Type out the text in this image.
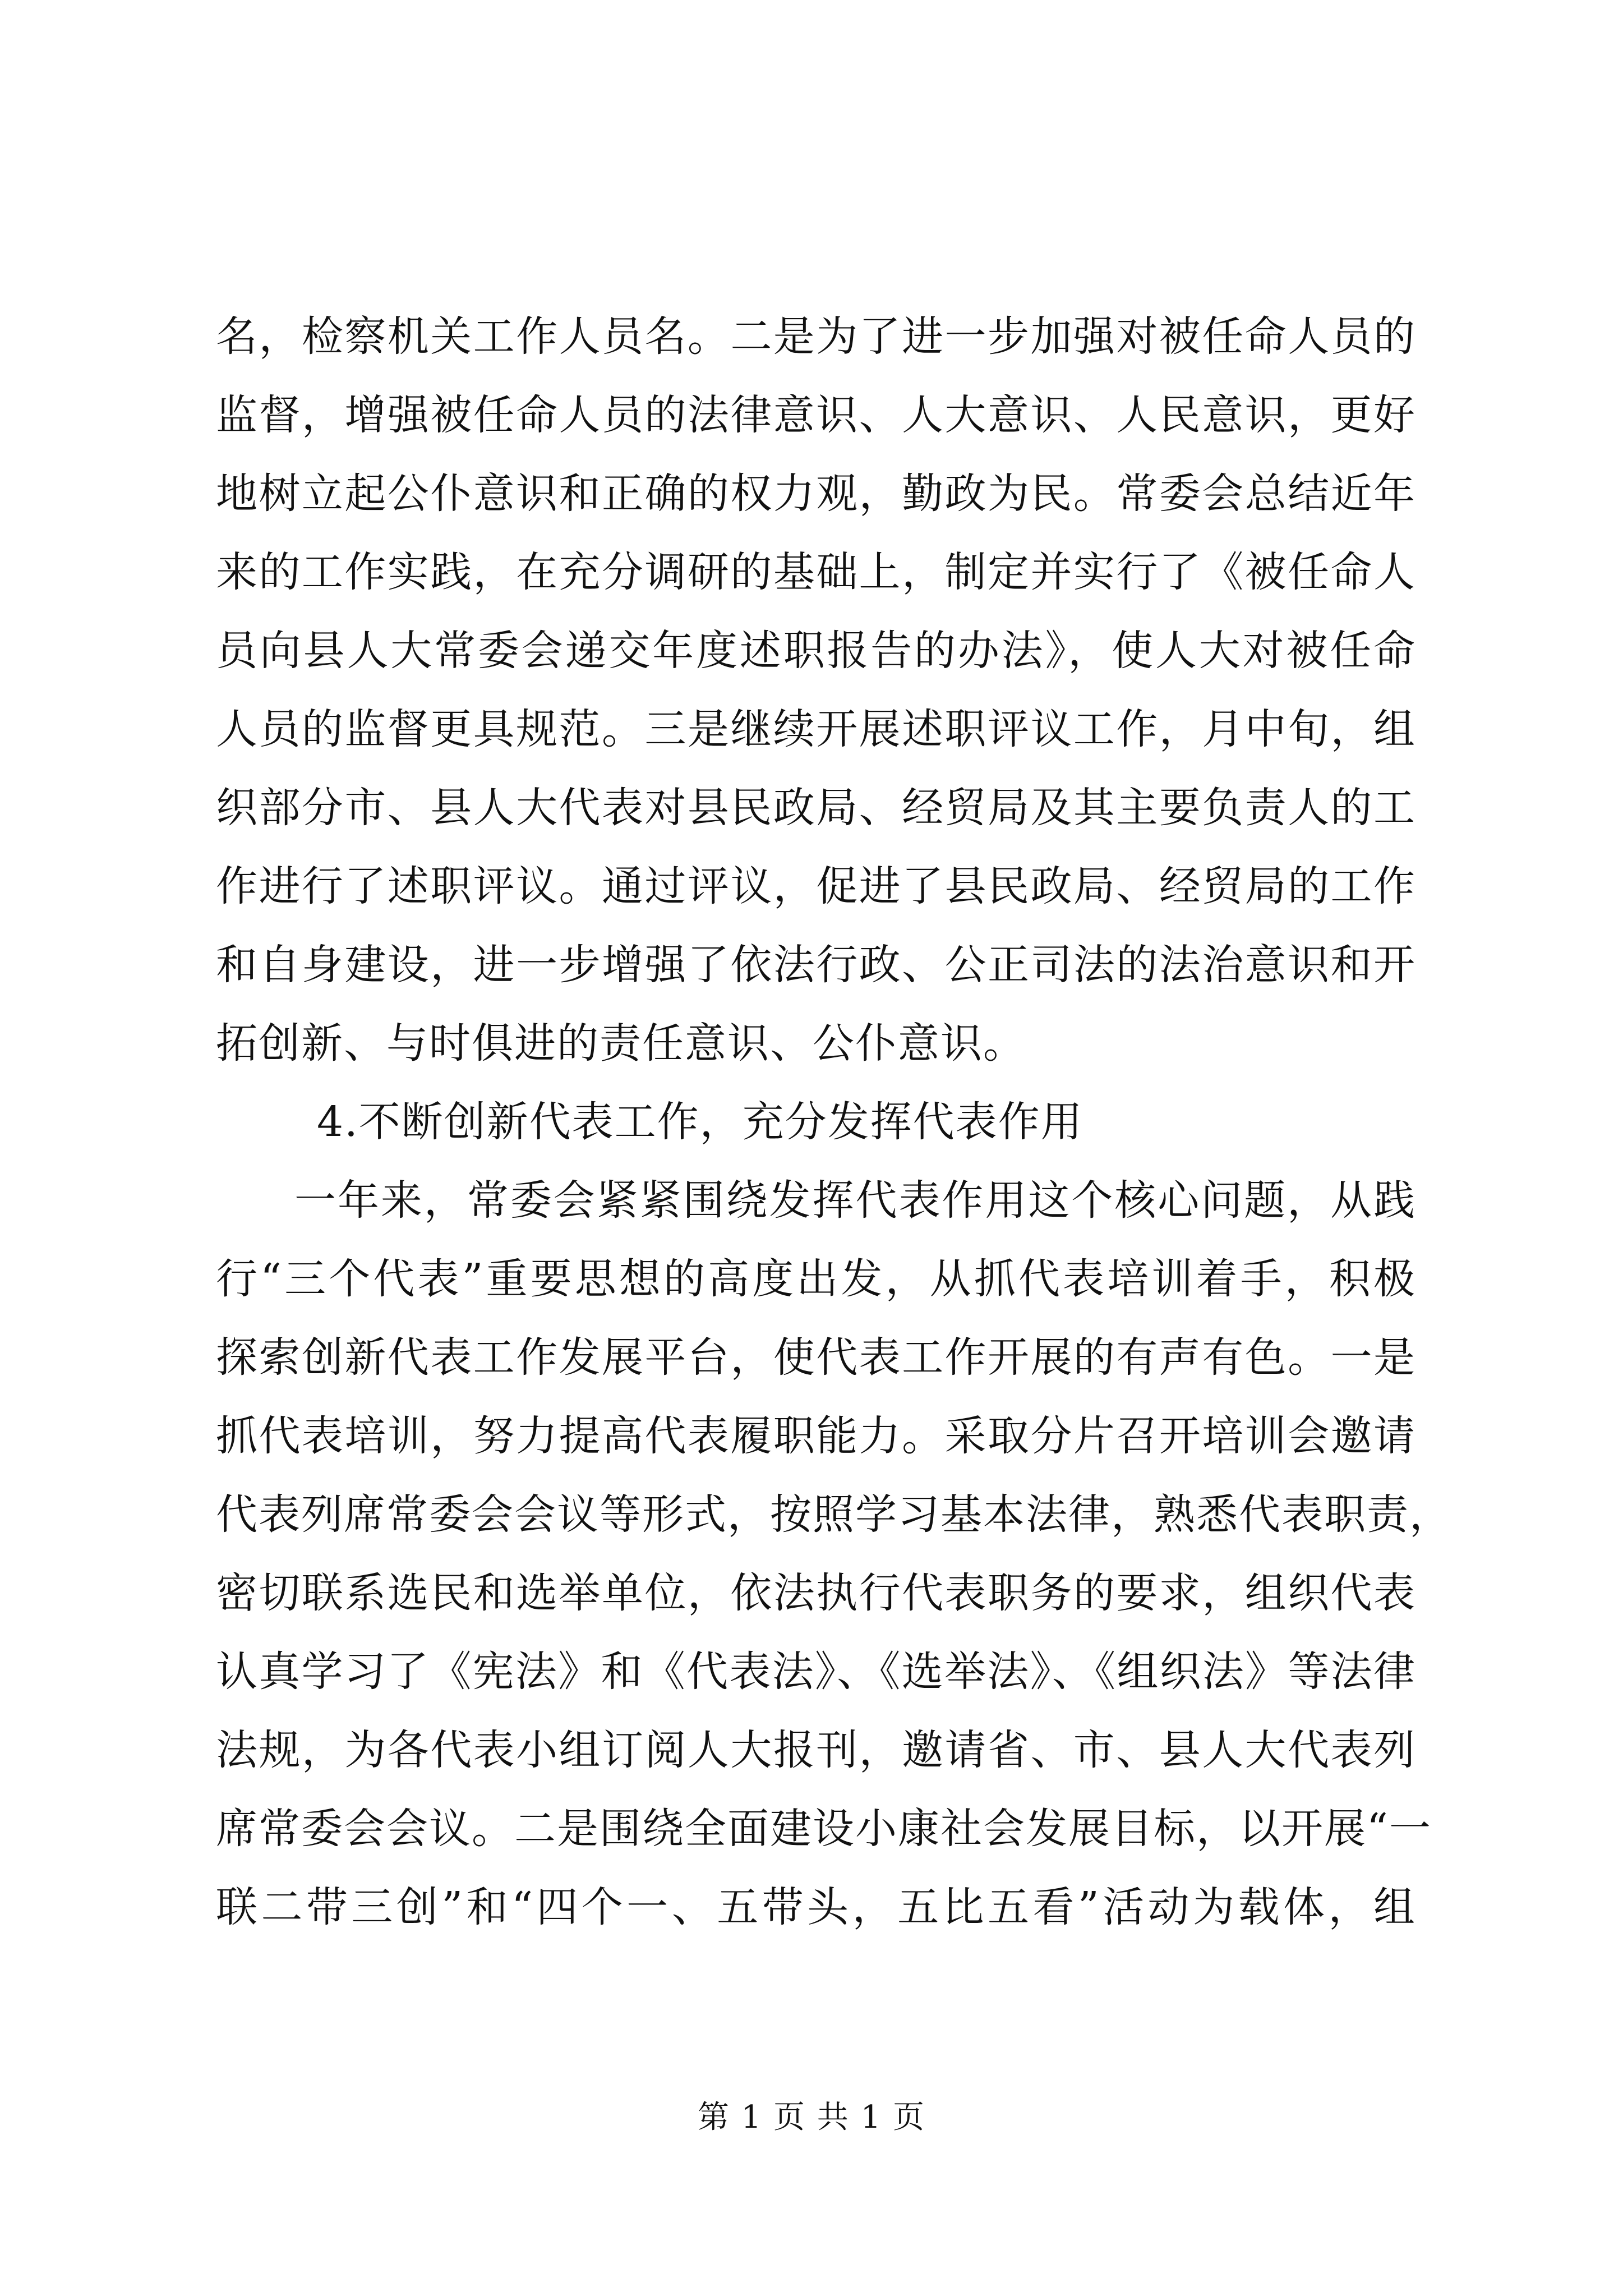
名，检察机关工作人员名。二是为了进一步加强对被任命人员的
监督，增强被任命人员的法律意识、人大意识、人民意识，更好
地树立起公仆意识和正确的权力观，勤政为民。常委会总结近年
来的工作实践，在充分调研的基础上，制定并实行了《被任命人
员向县人大常委会递交年度述职报告的办法》，使人大对被任命
人员的监督更具规范。三是继续开展述职评议工作，月中旬，组
织部分市、县人大代表对县民政局、经贸局及其主要负责人的工
作进行了述职评议。通过评议，促进了县民政局、经贸局的工作
和自身建设，进一步增强了依法行政、公正司法的法治意识和开
拓创新、与时俱进的责任意识、公仆意识。
4.不断创新代表工作，充分发挥代表作用
一年来，常委会紧紧围绕发挥代表作用这个核心问题，从践
行“三个代表”重要思想的高度出发，从抓代表培训着手，积极
探索创新代表工作发展平台，使代表工作开展的有声有色。一是
抓代表培训，努力提高代表履职能力。采取分片召开培训会邀请
代表列席常委会会议等形式，按照学习基本法律，熟悉代表职责，
密切联系选民和选举单位，依法执行代表职务的要求，组织代表
认真学习了《宪法》和《代表法》、《选举法》、《组织法》等法律
法规，为各代表小组订阅人大报刊，邀请省、市、县人大代表列
席常委会会议。二是围绕全面建设小康社会发展目标，以开展“一
联二带三创”和“四个一、五带头，五比五看”活动为载体，组
第 1 页 共 1 页
